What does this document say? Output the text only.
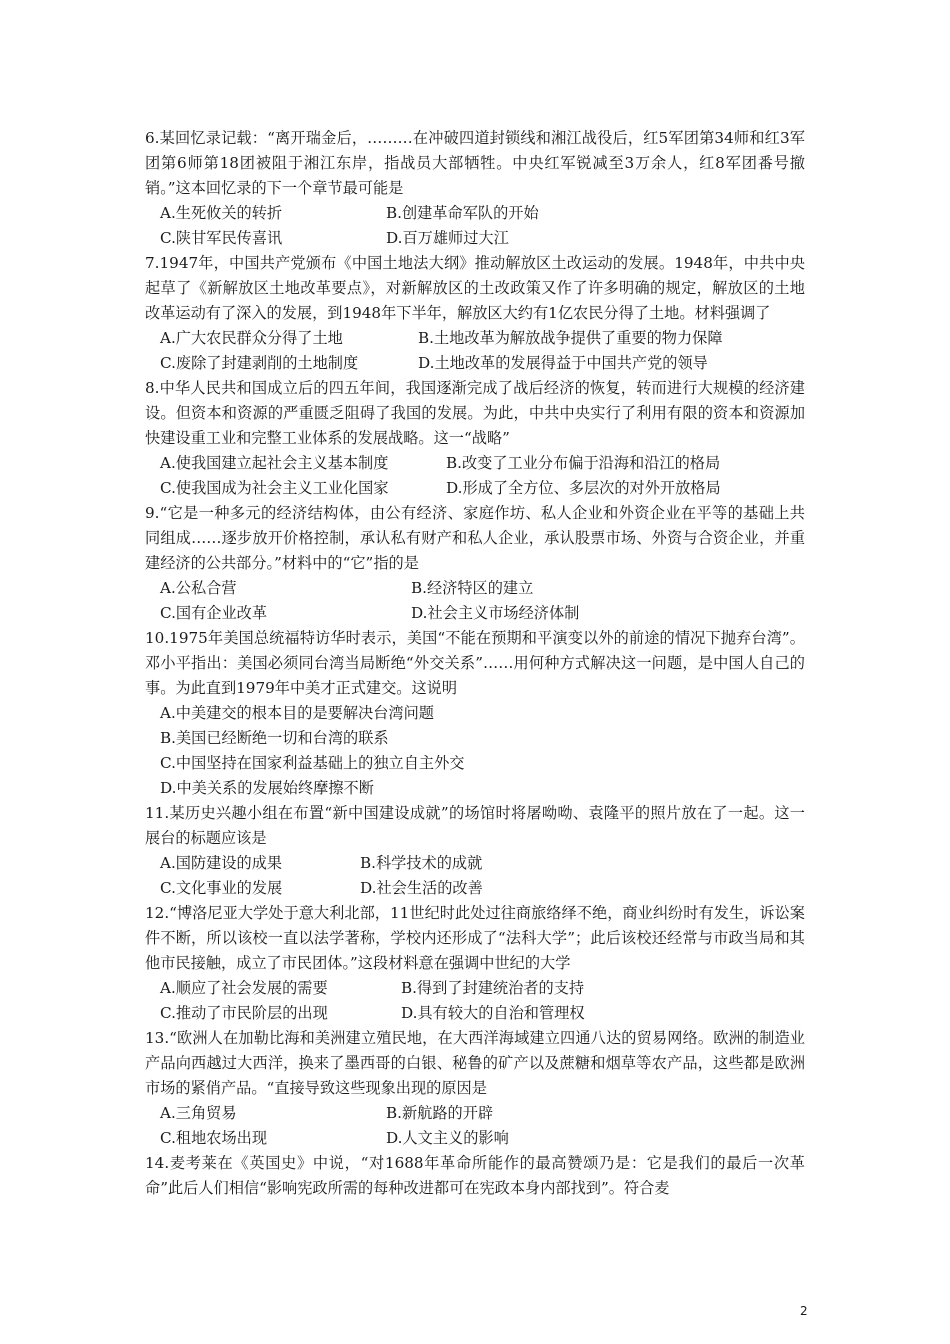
6.某回忆录记载：“离开瑞金后，………在冲破四道封锁线和湘江战役后，红5军团第34师和红3军团第6师第18团被阻于湘江东岸，指战员大部牺牲。中央红军锐减至3万余人，红8军团番号撤销。”这本回忆录的下一个章节最可能是

A.生死攸关的转折	B.创建革命军队的开始
C.陕甘军民传喜讯	D.百万雄师过大江

7.1947年，中国共产党颁布《中国土地法大纲》推动解放区土改运动的发展。1948年，中共中央起草了《新解放区土地改革要点》，对新解放区的土改政策又作了许多明确的规定，解放区的土地改革运动有了深入的发展，到1948年下半年，解放区大约有1亿农民分得了土地。材料强调了

A.广大农民群众分得了土地	B.土地改革为解放战争提供了重要的物力保障
C.废除了封建剥削的土地制度	D.土地改革的发展得益于中国共产党的领导

8.中华人民共和国成立后的四五年间，我国逐渐完成了战后经济的恢复，转而进行大规模的经济建设。但资本和资源的严重匮乏阻碍了我国的发展。为此，中共中央实行了利用有限的资本和资源加快建设重工业和完整工业体系的发展战略。这一“战略”

A.使我国建立起社会主义基本制度	B.改变了工业分布偏于沿海和沿江的格局
C.使我国成为社会主义工业化国家	D.形成了全方位、多层次的对外开放格局

9.“它是一种多元的经济结构体，由公有经济、家庭作坊、私人企业和外资企业在平等的基础上共同组成……逐步放开价格控制，承认私有财产和私人企业，承认股票市场、外资与合资企业，并重建经济的公共部分。”材料中的“它”指的是

A.公私合营	B.经济特区的建立
C.国有企业改革	D.社会主义市场经济体制

10.1975年美国总统福特访华时表示，美国“不能在预期和平演变以外的前途的情况下抛弃台湾”。邓小平指出：美国必须同台湾当局断绝“外交关系”……用何种方式解决这一问题，是中国人自己的事。为此直到1979年中美才正式建交。这说明

A.中美建交的根本目的是要解决台湾问题
B.美国已经断绝一切和台湾的联系
C.中国坚持在国家利益基础上的独立自主外交
D.中美关系的发展始终摩擦不断

11.某历史兴趣小组在布置“新中国建设成就”的场馆时将屠呦呦、袁隆平的照片放在了一起。这一展台的标题应该是

A.国防建设的成果	B.科学技术的成就
C.文化事业的发展	D.社会生活的改善

12.“博洛尼亚大学处于意大利北部，11世纪时此处过往商旅络绎不绝，商业纠纷时有发生，诉讼案件不断，所以该校一直以法学著称，学校内还形成了“法科大学”；此后该校还经常与市政当局和其他市民接触，成立了市民团体。”这段材料意在强调中世纪的大学

A.顺应了社会发展的需要	B.得到了封建统治者的支持
C.推动了市民阶层的出现	D.具有较大的自治和管理权

13.“欧洲人在加勒比海和美洲建立殖民地，在大西洋海域建立四通八达的贸易网络。欧洲的制造业产品向西越过大西洋，换来了墨西哥的白银、秘鲁的矿产以及蔗糖和烟草等农产品，这些都是欧洲市场的紧俏产品。“直接导致这些现象出现的原因是

A.三角贸易	B.新航路的开辟
C.租地农场出现	D.人文主义的影响

14.麦考莱在《英国史》中说，“对1688年革命所能作的最高赞颂乃是：它是我们的最后一次革命”此后人们相信“影响宪政所需的每种改进都可在宪政本身内部找到”。符合麦

2
